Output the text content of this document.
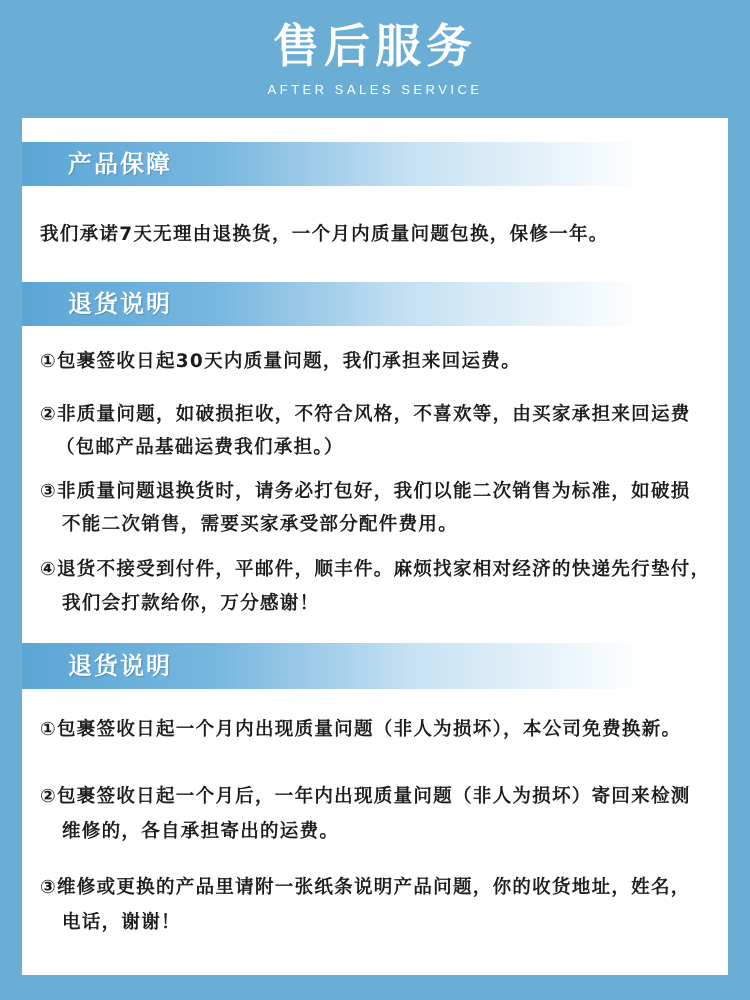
售后服务
AFTER SALES SERVICE
产品保障
我们承诺7天无理由退换货，一个月内质量问题包换，保修一年。
退货说明
①包裹签收日起30天内质量问题，我们承担来回运费。
②非质量问题，如破损拒收，不符合风格，不喜欢等，由买家承担来回运费
（包邮产品基础运费我们承担。）
③非质量问题退换货时，请务必打包好，我们以能二次销售为标准，如破损
不能二次销售，需要买家承受部分配件费用。
④退货不接受到付件，平邮件，顺丰件。麻烦找家相对经济的快递先行垫付，
我们会打款给你，万分感谢！
退货说明
①包裹签收日起一个月内出现质量问题（非人为损坏），本公司免费换新。
②包裹签收日起一个月后，一年内出现质量问题（非人为损坏）寄回来检测
维修的，各自承担寄出的运费。
③维修或更换的产品里请附一张纸条说明产品问题，你的收货地址，姓名，
电话，谢谢！
